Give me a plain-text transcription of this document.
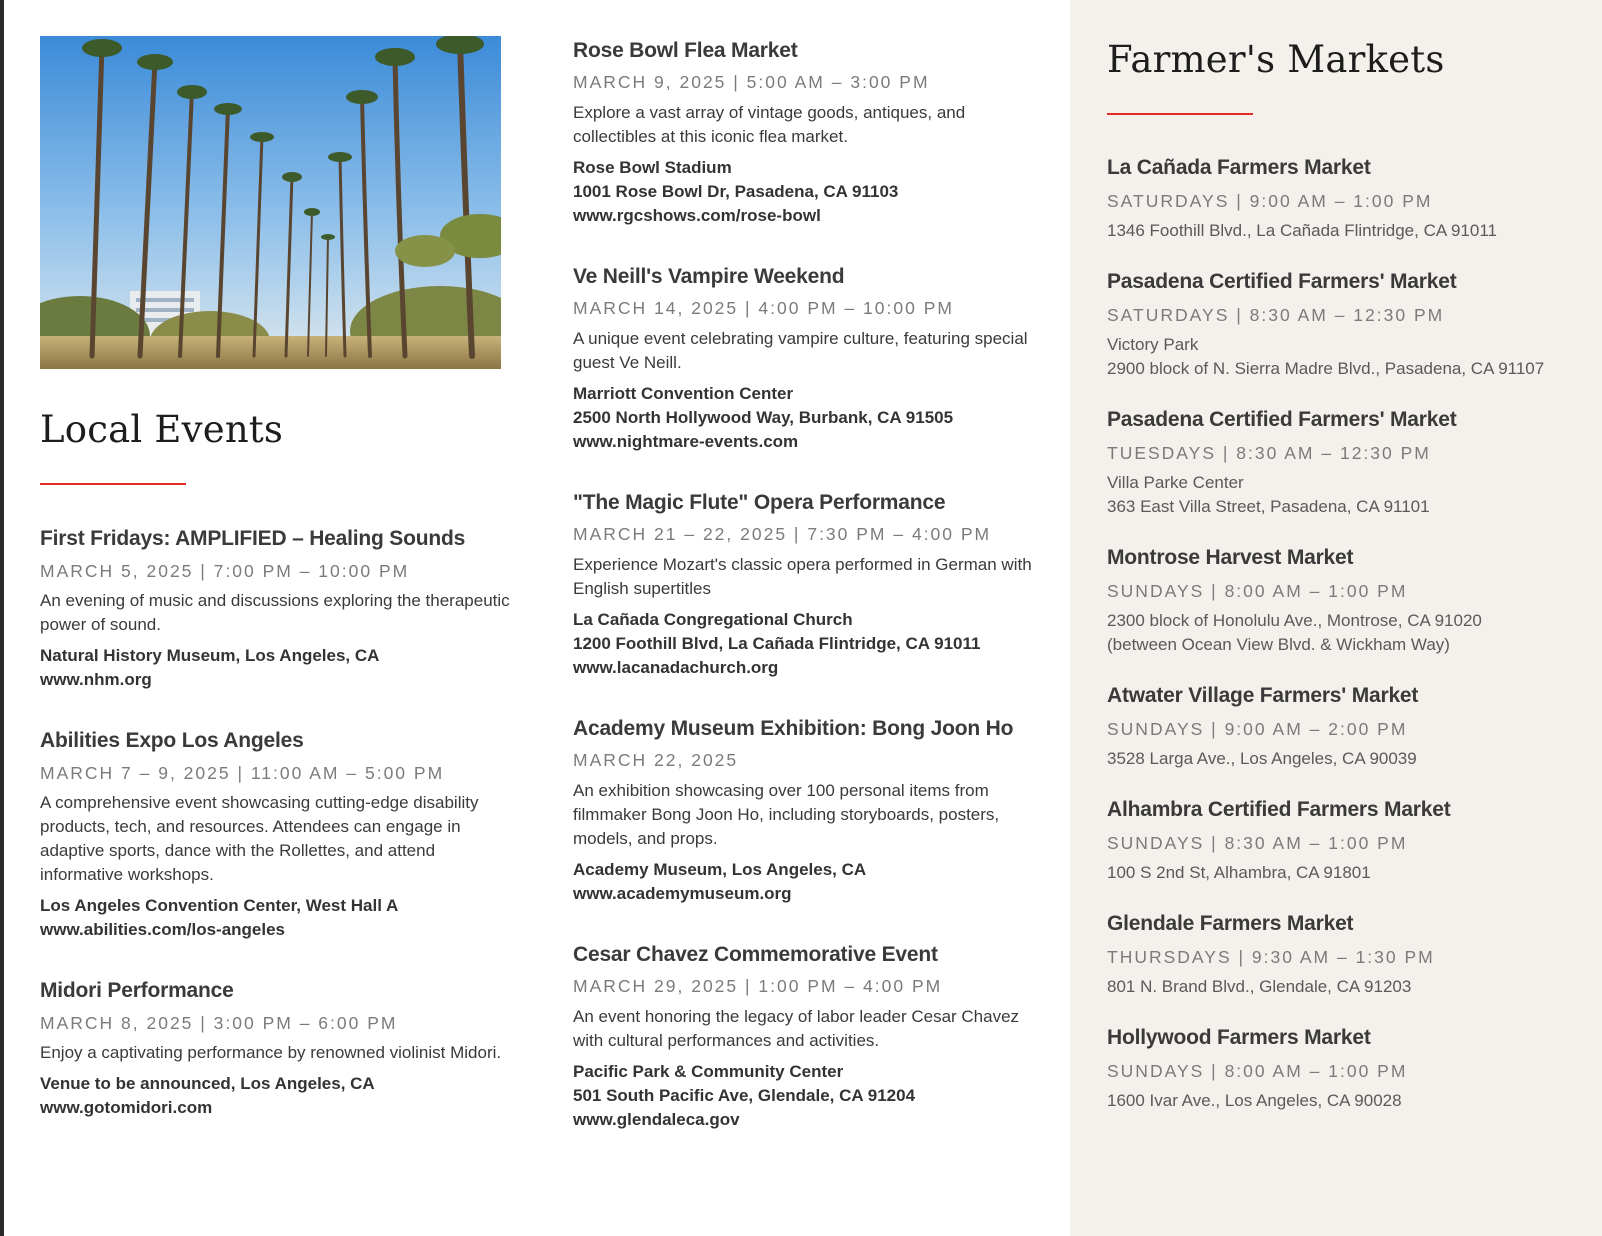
Local Events
First Fridays: AMPLIFIED – Healing Sounds
MARCH 5, 2025 | 7:00 PM – 10:00 PM
An evening of music and discussions exploring the therapeutic power of sound.
Natural History Museum, Los Angeles, CA
www.nhm.org
Abilities Expo Los Angeles
MARCH 7 – 9, 2025 | 11:00 AM – 5:00 PM
A comprehensive event showcasing cutting-edge disability products, tech, and resources. Attendees can engage in adaptive sports, dance with the Rollettes, and attend informative workshops.
Los Angeles Convention Center, West Hall A
www.abilities.com/los-angeles
Midori Performance
MARCH 8, 2025 | 3:00 PM – 6:00 PM
Enjoy a captivating performance by renowned violinist Midori.
Venue to be announced, Los Angeles, CA
www.gotomidori.com
Rose Bowl Flea Market
MARCH 9, 2025 | 5:00 AM – 3:00 PM
Explore a vast array of vintage goods, antiques, and collectibles at this iconic flea market.
Rose Bowl Stadium
1001 Rose Bowl Dr, Pasadena, CA 91103
www.rgcshows.com/rose-bowl
Ve Neill's Vampire Weekend
MARCH 14, 2025 | 4:00 PM – 10:00 PM
A unique event celebrating vampire culture, featuring special guest Ve Neill.
Marriott Convention Center
2500 North Hollywood Way, Burbank, CA 91505
www.nightmare-events.com
"The Magic Flute" Opera Performance
MARCH 21 – 22, 2025 | 7:30 PM – 4:00 PM
Experience Mozart's classic opera performed in German with English supertitles
La Cañada Congregational Church
1200 Foothill Blvd, La Cañada Flintridge, CA 91011
www.lacanadachurch.org
Academy Museum Exhibition: Bong Joon Ho
MARCH 22, 2025
An exhibition showcasing over 100 personal items from filmmaker Bong Joon Ho, including storyboards, posters, models, and props.
Academy Museum, Los Angeles, CA
www.academymuseum.org
Cesar Chavez Commemorative Event
MARCH 29, 2025 | 1:00 PM – 4:00 PM
An event honoring the legacy of labor leader Cesar Chavez with cultural performances and activities.
Pacific Park & Community Center
501 South Pacific Ave, Glendale, CA 91204
www.glendaleca.gov
Farmer's Markets
La Cañada Farmers Market
SATURDAYS | 9:00 AM – 1:00 PM
1346 Foothill Blvd., La Cañada Flintridge, CA 91011
Pasadena Certified Farmers' Market
SATURDAYS | 8:30 AM – 12:30 PM
Victory Park
2900 block of N. Sierra Madre Blvd., Pasadena, CA 91107
Pasadena Certified Farmers' Market
TUESDAYS | 8:30 AM – 12:30 PM
Villa Parke Center
363 East Villa Street, Pasadena, CA 91101
Montrose Harvest Market
SUNDAYS | 8:00 AM – 1:00 PM
2300 block of Honolulu Ave., Montrose, CA 91020
(between Ocean View Blvd. & Wickham Way)
Atwater Village Farmers' Market
SUNDAYS | 9:00 AM – 2:00 PM
3528 Larga Ave., Los Angeles, CA 90039
Alhambra Certified Farmers Market
SUNDAYS | 8:30 AM – 1:00 PM
100 S 2nd St, Alhambra, CA 91801
Glendale Farmers Market
THURSDAYS | 9:30 AM – 1:30 PM
801 N. Brand Blvd., Glendale, CA 91203
Hollywood Farmers Market
SUNDAYS | 8:00 AM – 1:00 PM
1600 Ivar Ave., Los Angeles, CA 90028
